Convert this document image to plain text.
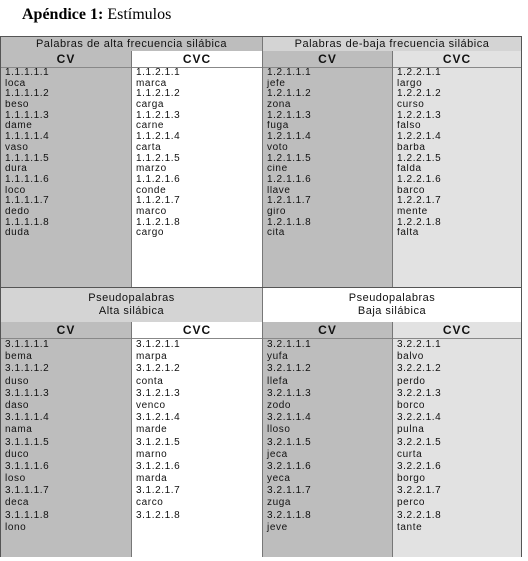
Apéndice 1: Estímulos
Palabras de alta frecuencia silábica	Palabras de-baja frecuencia silábica
CV
1.1.1.1.1
loca
1.1.1.1.2
beso
1.1.1.1.3
dame
1.1.1.1.4
vaso
1.1.1.1.5
dura
1.1.1.1.6
loco
1.1.1.1.7
dedo
1.1.1.1.8
duda
CVC
1.1.2.1.1
marca
1.1.2.1.2
carga
1.1.2.1.3
carne
1.1.2.1.4
carta
1.1.2.1.5
marzo
1.1.2.1.6
conde
1.1.2.1.7
marco
1.1.2.1.8
cargo
CV
1.2.1.1.1
jefe
1.2.1.1.2
zona
1.2.1.1.3
fuga
1.2.1.1.4
voto
1.2.1.1.5
cine
1.2.1.1.6
llave
1.2.1.1.7
giro
1.2.1.1.8
cita
CVC
1.2.2.1.1
largo
1.2.2.1.2
curso
1.2.2.1.3
falso
1.2.2.1.4
barba
1.2.2.1.5
falda
1.2.2.1.6
barco
1.2.2.1.7
mente
1.2.2.1.8
falta
Pseudopalabras
Alta silábica
Pseudopalabras
Baja silábica
CV
3.1.1.1.1
bema
3.1.1.1.2
duso
3.1.1.1.3
daso
3.1.1.1.4
nama
3.1.1.1.5
duco
3.1.1.1.6
loso
3.1.1.1.7
deca
3.1.1.1.8
lono
CVC
3.1.2.1.1
marpa
3.1.2.1.2
conta
3.1.2.1.3
venco
3.1.2.1.4
marde
3.1.2.1.5
marno
3.1.2.1.6
marda
3.1.2.1.7
carco
3.1.2.1.8
CV
3.2.1.1.1
yufa
3.2.1.1.2
llefa
3.2.1.1.3
zodo
3.2.1.1.4
lloso
3.2.1.1.5
jeca
3.2.1.1.6
yeca
3.2.1.1.7
zuga
3.2.1.1.8
jeve
CVC
3.2.2.1.1
balvo
3.2.2.1.2
perdo
3.2.2.1.3
borco
3.2.2.1.4
pulna
3.2.2.1.5
curta
3.2.2.1.6
borgo
3.2.2.1.7
perco
3.2.2.1.8
tante
